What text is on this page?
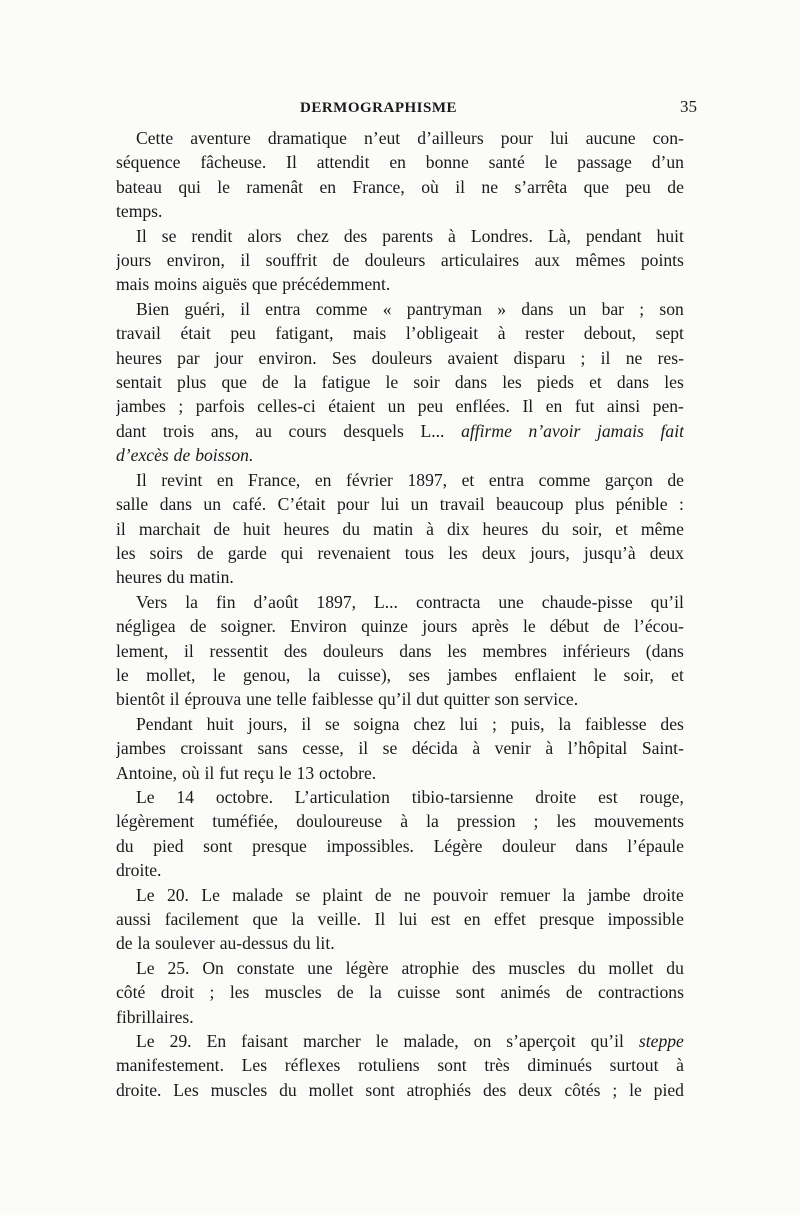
DERMOGRAPHISME	35
Cette aventure dramatique n’eut d’ailleurs pour lui aucune con-
séquence fâcheuse. Il attendit en bonne santé le passage d’un
bateau qui le ramenât en France, où il ne s’arrêta que peu de
temps.
Il se rendit alors chez des parents à Londres. Là, pendant huit
jours environ, il souffrit de douleurs articulaires aux mêmes points
mais moins aiguës que précédemment.
Bien guéri, il entra comme « pantryman » dans un bar ; son
travail était peu fatigant, mais l’obligeait à rester debout, sept
heures par jour environ. Ses douleurs avaient disparu ; il ne res-
sentait plus que de la fatigue le soir dans les pieds et dans les
jambes ; parfois celles-ci étaient un peu enflées. Il en fut ainsi pen-
dant trois ans, au cours desquels L... affirme n’avoir jamais fait
d’excès de boisson.
Il revint en France, en février 1897, et entra comme garçon de
salle dans un café. C’était pour lui un travail beaucoup plus pénible :
il marchait de huit heures du matin à dix heures du soir, et même
les soirs de garde qui revenaient tous les deux jours, jusqu’à deux
heures du matin.
Vers la fin d’août 1897, L... contracta une chaude-pisse qu’il
négligea de soigner. Environ quinze jours après le début de l’écou-
lement, il ressentit des douleurs dans les membres inférieurs (dans
le mollet, le genou, la cuisse), ses jambes enflaient le soir, et
bientôt il éprouva une telle faiblesse qu’il dut quitter son service.
Pendant huit jours, il se soigna chez lui ; puis, la faiblesse des
jambes croissant sans cesse, il se décida à venir à l’hôpital Saint-
Antoine, où il fut reçu le 13 octobre.
Le 14 octobre. L’articulation tibio-tarsienne droite est rouge,
légèrement tuméfiée, douloureuse à la pression ; les mouvements
du pied sont presque impossibles. Légère douleur dans l’épaule
droite.
Le 20. Le malade se plaint de ne pouvoir remuer la jambe droite
aussi facilement que la veille. Il lui est en effet presque impossible
de la soulever au-dessus du lit.
Le 25. On constate une légère atrophie des muscles du mollet du
côté droit ; les muscles de la cuisse sont animés de contractions
fibrillaires.
Le 29. En faisant marcher le malade, on s’aperçoit qu’il steppe
manifestement. Les réflexes rotuliens sont très diminués surtout à
droite. Les muscles du mollet sont atrophiés des deux côtés ; le pied
